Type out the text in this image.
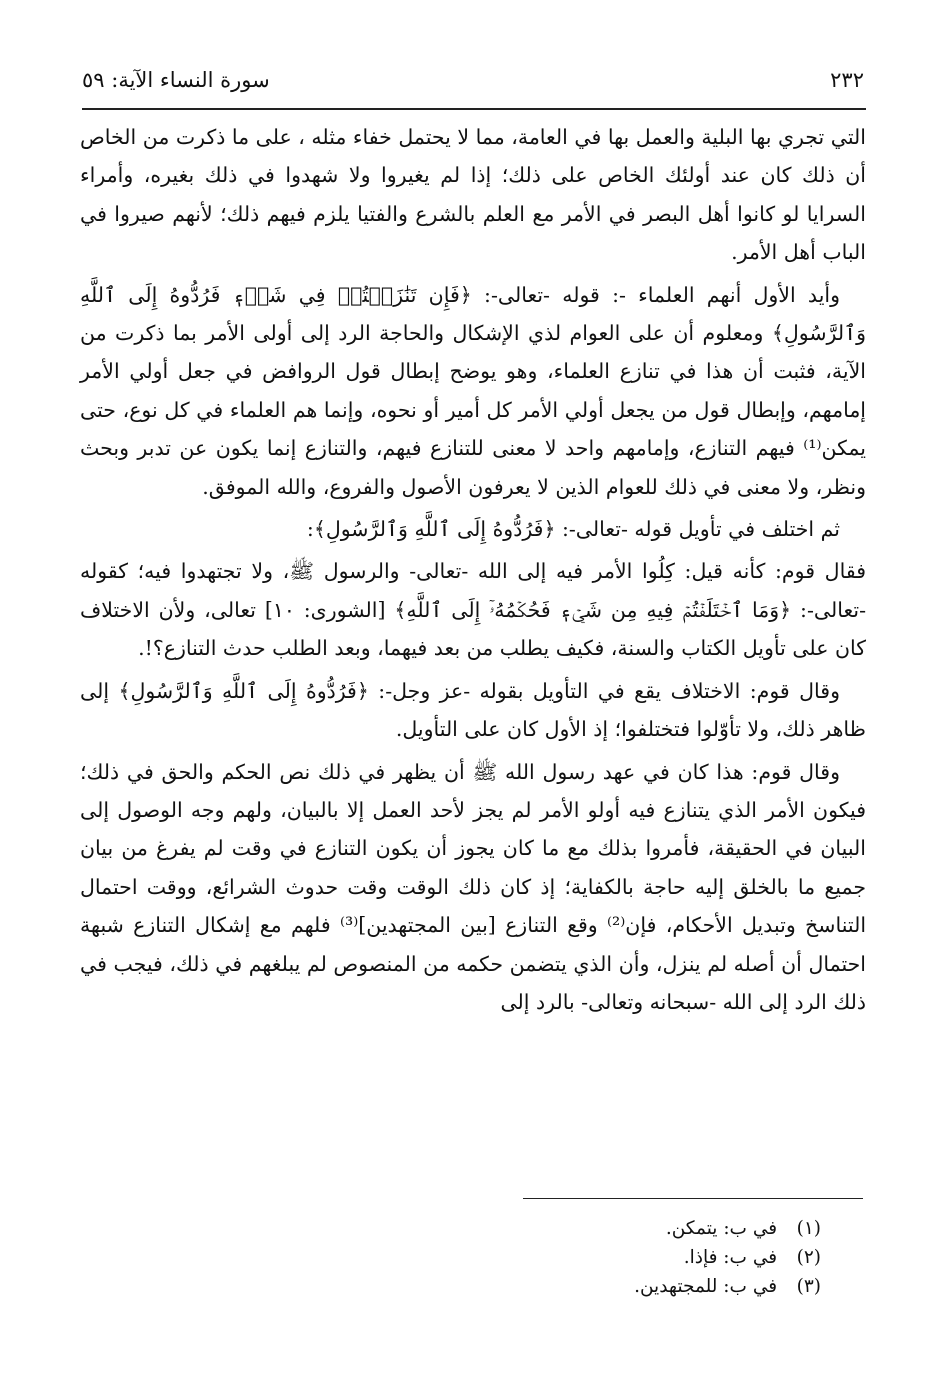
٢٣٢
سورة النساء الآية: ٥٩

التي تجري بها البلية والعمل بها في العامة، مما لا يحتمل خفاء مثله ، على ما ذكرت من الخاص أن ذلك كان عند أولئك الخاص على ذلك؛ إذا لم يغيروا ولا شهدوا في ذلك بغيره، وأمراء السرايا لو كانوا أهل البصر في الأمر مع العلم بالشرع والفتيا يلزم فيهم ذلك؛ لأنهم صيروا في الباب أهل الأمر.

وأيد الأول أنهم العلماء -: قوله -تعالى-: ﴿فَإِن تَنَٰزَعۡتُمۡ فِي شَيۡءٖ فَرُدُّوهُ إِلَى ٱللَّهِ وَٱلرَّسُولِ﴾ ومعلوم أن على العوام لذي الإشكال والحاجة الرد إلى أولى الأمر بما ذكرت من الآية، فثبت أن هذا في تنازع العلماء، وهو يوضح إبطال قول الروافض في جعل أولي الأمر إمامهم، وإبطال قول من يجعل أولي الأمر كل أمير أو نحوه، وإنما هم العلماء في كل نوع، حتى يمكن⁽¹⁾ فيهم التنازع، وإمامهم واحد لا معنى للتنازع فيهم، والتنازع إنما يكون عن تدبر وبحث ونظر، ولا معنى في ذلك للعوام الذين لا يعرفون الأصول والفروع، والله الموفق.

ثم اختلف في تأويل قوله -تعالى-: ﴿فَرُدُّوهُ إِلَى ٱللَّهِ وَٱلرَّسُولِ﴾:

فقال قوم: كأنه قيل: كِلُوا الأمر فيه إلى الله -تعالى- والرسول ﷺ، ولا تجتهدوا فيه؛ كقوله -تعالى-: ﴿وَمَا ٱخۡتَلَفۡتُمۡ فِيهِ مِن شَيۡءٖ فَحُكۡمُهُۥٓ إِلَى ٱللَّهِ﴾ [الشورى: ١٠] تعالى، ولأن الاختلاف كان على تأويل الكتاب والسنة، فكيف يطلب من بعد فيهما، وبعد الطلب حدث التنازع؟!.

وقال قوم: الاختلاف يقع في التأويل بقوله -عز وجل-: ﴿فَرُدُّوهُ إِلَى ٱللَّهِ وَٱلرَّسُولِ﴾ إلى ظاهر ذلك، ولا تأوّلوا فتختلفوا؛ إذ الأول كان على التأويل.

وقال قوم: هذا كان في عهد رسول الله ﷺ أن يظهر في ذلك نص الحكم والحق في ذلك؛ فيكون الأمر الذي يتنازع فيه أولو الأمر لم يجز لأحد العمل إلا بالبيان، ولهم وجه الوصول إلى البيان في الحقيقة، فأمروا بذلك مع ما كان يجوز أن يكون التنازع في وقت لم يفرغ من بيان جميع ما بالخلق إليه حاجة بالكفاية؛ إذ كان ذلك الوقت وقت حدوث الشرائع، ووقت احتمال التناسخ وتبديل الأحكام، فإن⁽²⁾ وقع التنازع [بين المجتهدين]⁽³⁾ فلهم مع إشكال التنازع شبهة احتمال أن أصله لم ينزل، وأن الذي يتضمن حكمه من المنصوص لم يبلغهم في ذلك، فيجب في ذلك الرد إلى الله -سبحانه وتعالى- بالرد إلى

(١) في ب: يتمكن.
(٢) في ب: فإذا.
(٣) في ب: للمجتهدين.
